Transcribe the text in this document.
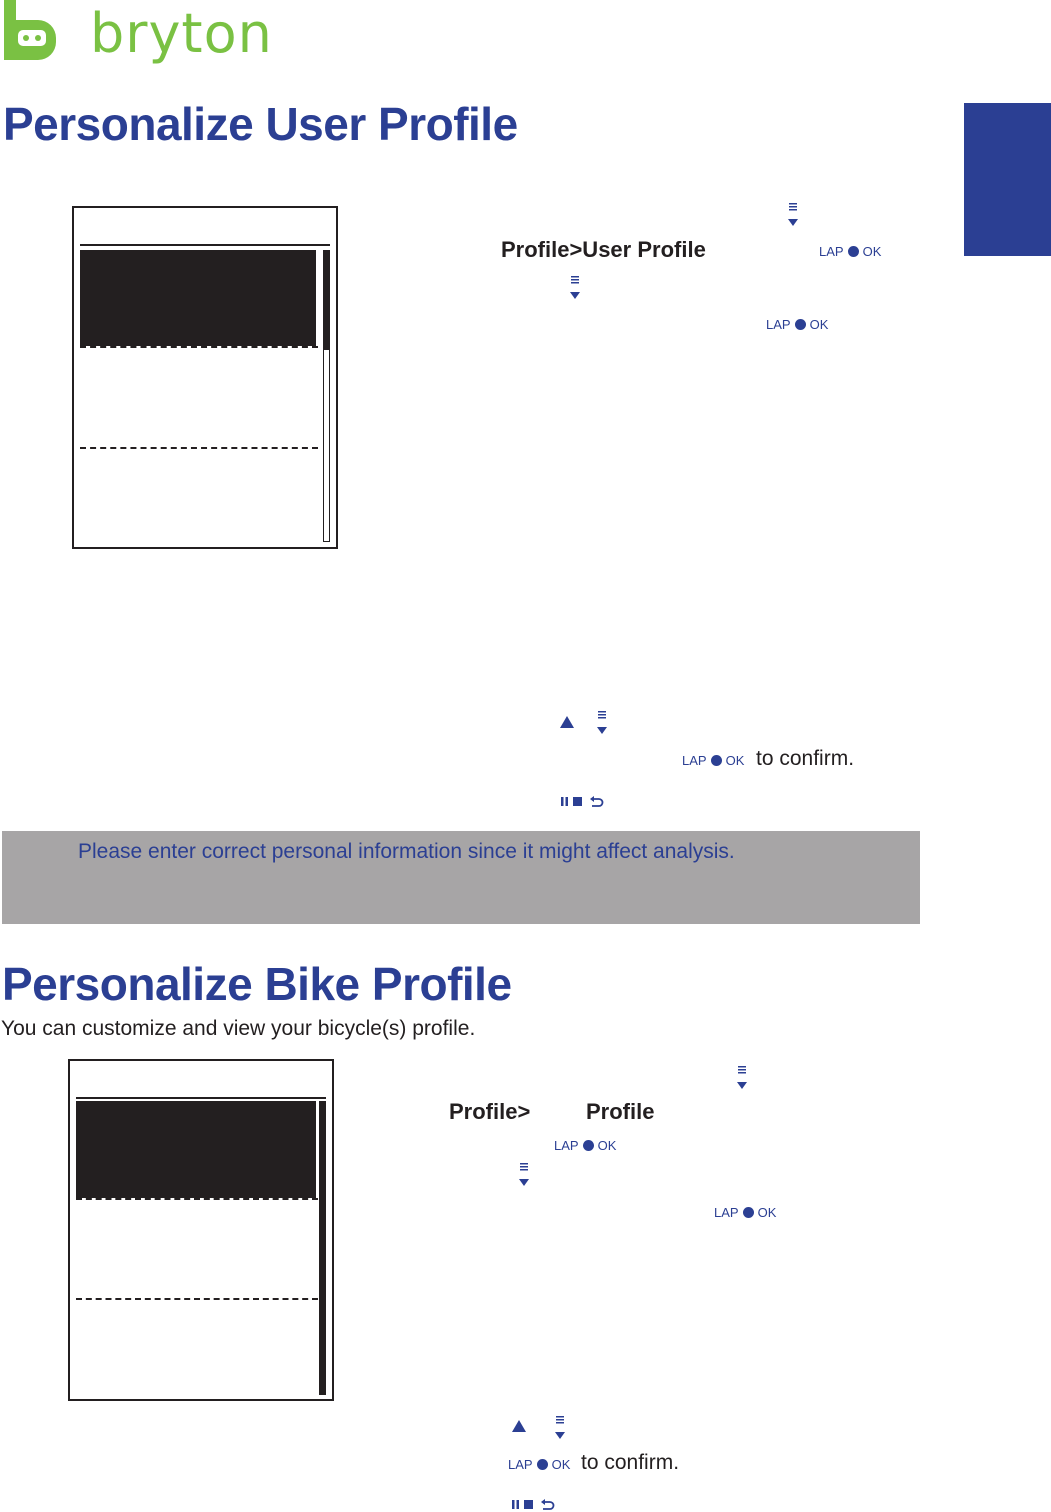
bryton
Personalize User Profile
Profile>User Profile	LAP OK
LAP OK
LAP OK to confirm.
Please enter correct personal information since it might affect analysis.
Personalize Bike Profile
You can customize and view your bicycle(s) profile.
Profile>	Profile
LAP OK
LAP OK
LAP OK to confirm.
